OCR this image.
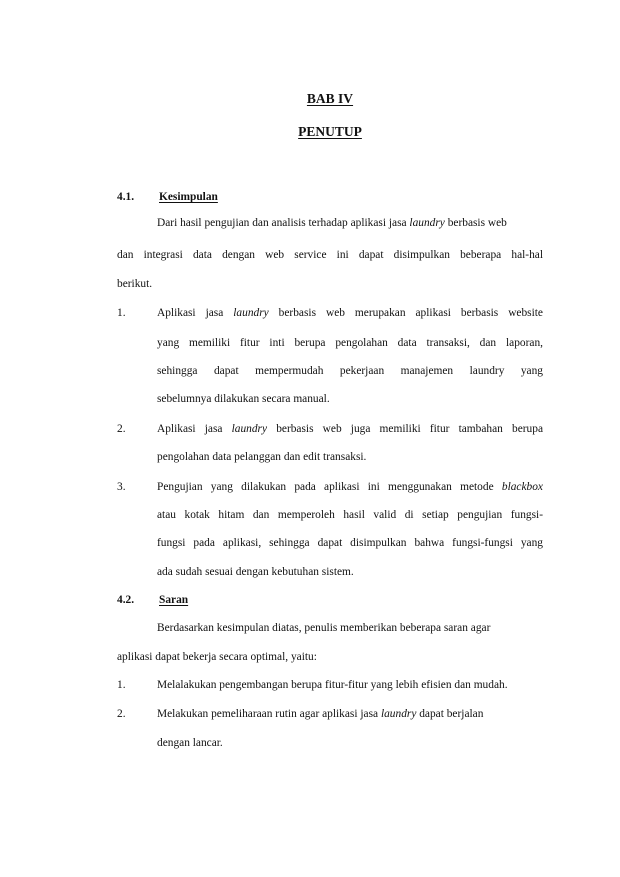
BAB IV
PENUTUP
4.1. Kesimpulan
Dari hasil pengujian dan analisis terhadap aplikasi jasa laundry berbasis web
dan integrasi data dengan web service ini dapat disimpulkan beberapa hal-hal
berikut.
1.	Aplikasi jasa laundry berbasis web merupakan aplikasi berbasis website
yang memiliki fitur inti berupa pengolahan data transaksi, dan laporan,
sehingga dapat mempermudah pekerjaan manajemen laundry yang
sebelumnya dilakukan secara manual.
2.	Aplikasi jasa laundry berbasis web juga memiliki fitur tambahan berupa
pengolahan data pelanggan dan edit transaksi.
3.	Pengujian yang dilakukan pada aplikasi ini menggunakan metode blackbox
atau kotak hitam dan memperoleh hasil valid di setiap pengujian fungsi-
fungsi pada aplikasi, sehingga dapat disimpulkan bahwa fungsi-fungsi yang
ada sudah sesuai dengan kebutuhan sistem.
4.2. Saran
Berdasarkan kesimpulan diatas, penulis memberikan beberapa saran agar
aplikasi dapat bekerja secara optimal, yaitu:
1.	Melalakukan pengembangan berupa fitur-fitur yang lebih efisien dan mudah.
2.	Melakukan pemeliharaan rutin agar aplikasi jasa laundry dapat berjalan
dengan lancar.
